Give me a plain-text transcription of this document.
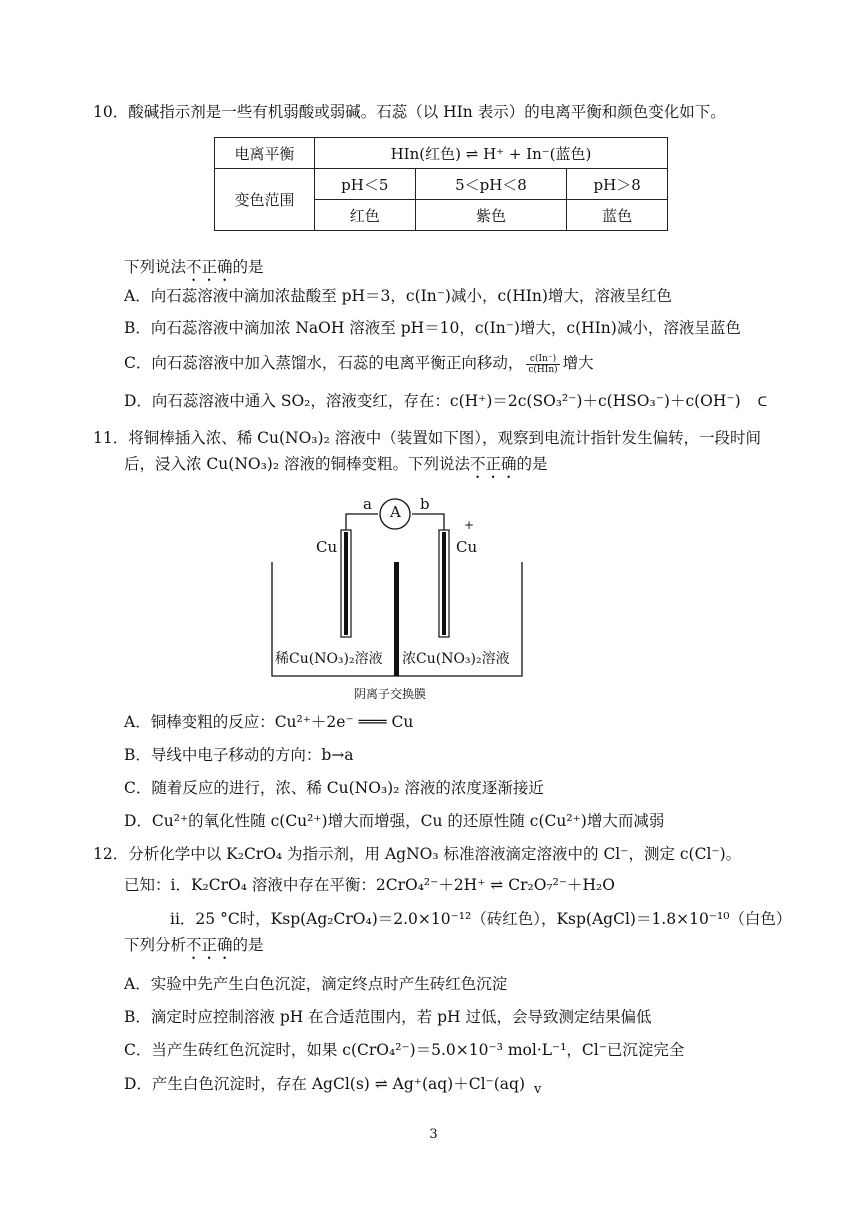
10．酸碱指示剂是一些有机弱酸或弱碱。石蕊（以 HIn 表示）的电离平衡和颜色变化如下。
电离平衡	HIn(红色) ⇌ H⁺ + In⁻(蓝色)		
变色范围	pH＜5	5＜pH＜8	pH＞8
	红色	紫色	蓝色
下列说法不正确的是
A．向石蕊溶液中滴加浓盐酸至 pH＝3，c(In⁻)减小，c(HIn)增大，溶液呈红色
B．向石蕊溶液中滴加浓 NaOH 溶液至 pH＝10，c(In⁻)增大，c(HIn)减小，溶液呈蓝色
C．向石蕊溶液中加入蒸馏水，石蕊的电离平衡正向移动， $\frac{c(In^-)}{\text{c(HIn)}}$ 增大
D．向石蕊溶液中通入 SO₂，溶液变红，存在：c(H⁺)＝2c(SO₃²⁻)＋c(HSO₃⁻)＋c(OH⁻) ᑕ
11．将铜棒插入浓、稀 Cu(NO₃)₂ 溶液中（装置如下图），观察到电流计指针发生偏转，一段时间
后，浸入浓 Cu(NO₃)₂ 溶液的铜棒变粗。下列说法不正确的是
A
a	b
+
Cu	Cu
稀Cu(NO₃)₂溶液 浓Cu(NO₃)₂溶液
阴离子交换膜
A．铜棒变粗的反应：Cu²⁺＋2e⁻ ═══ Cu
B．导线中电子移动的方向：b→a
C．随着反应的进行，浓、稀 Cu(NO₃)₂ 溶液的浓度逐渐接近
D．Cu²⁺的氧化性随 c(Cu²⁺)增大而增强，Cu 的还原性随 c(Cu²⁺)增大而减弱
12．分析化学中以 K₂CrO₄ 为指示剂，用 AgNO₃ 标准溶液滴定溶液中的 Cl⁻，测定 c(Cl⁻)。
已知：i．K₂CrO₄ 溶液中存在平衡：2CrO₄²⁻＋2H⁺ ⇌ Cr₂O₇²⁻＋H₂O
ii．25 °C时，Ksp(Ag₂CrO₄)＝2.0×10⁻¹²（砖红色），Ksp(AgCl)＝1.8×10⁻¹⁰（白色）
下列分析不正确的是
A．实验中先产生白色沉淀，滴定终点时产生砖红色沉淀
B．滴定时应控制溶液 pH 在合适范围内，若 pH 过低，会导致测定结果偏低
C．当产生砖红色沉淀时，如果 c(CrO₄²⁻)＝5.0×10⁻³ mol·L⁻¹，Cl⁻已沉淀完全
D．产生白色沉淀时，存在 AgCl(s) ⇌ Ag⁺(aq)＋Cl⁻(aq) $_v$
3
